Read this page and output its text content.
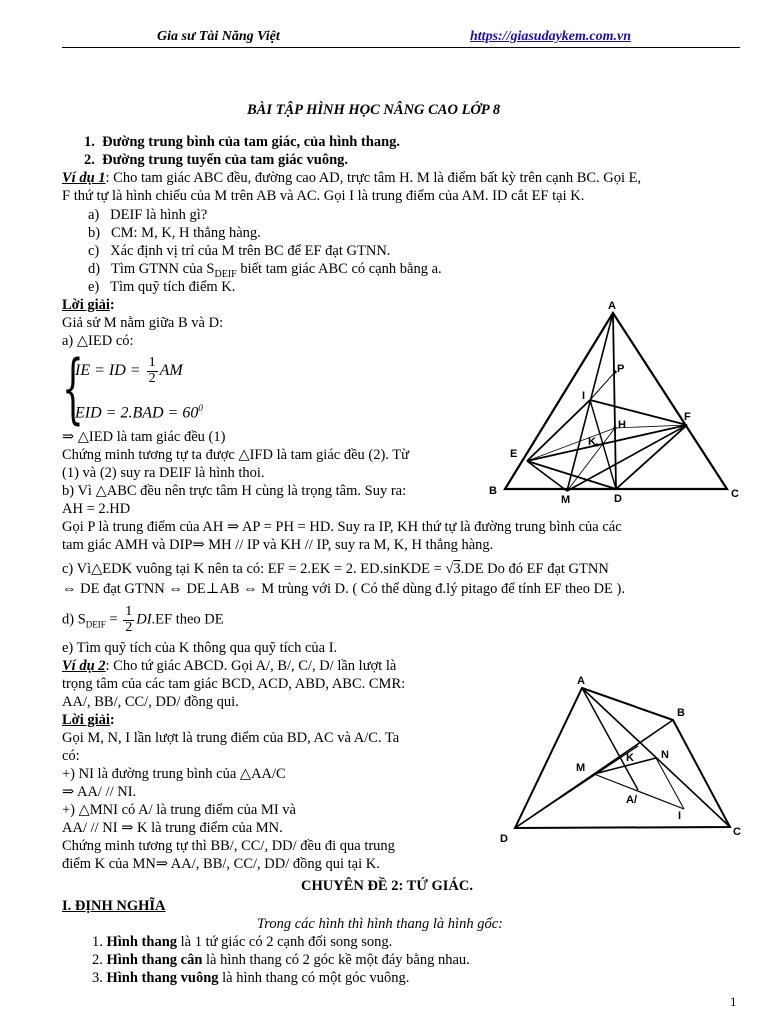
Gia sư Tài Năng Việt	https://giasudaykem.com.vn
BÀI TẬP HÌNH HỌC NÂNG CAO LỚP 8
1. Đường trung bình của tam giác, của hình thang.
2. Đường trung tuyến của tam giác vuông.
Ví dụ 1: Cho tam giác ABC đều, đường cao AD, trực tâm H. M là điểm bất kỳ trên cạnh BC. Gọi E,
F thứ tự là hình chiếu của M trên AB và AC. Gọi I là trung điểm của AM. ID cắt EF tại K.
a) DEIF là hình gì?
b) CM: M, K, H thẳng hàng.
c) Xác định vị trí của M trên BC để EF đạt GTNN.
d) Tìm GTNN của $S_{DEIF}$ biết tam giác ABC có cạnh bằng a.
e) Tìm quỹ tích điểm K.
Lời giải:
Giả sử M nằm giữa B và D:
a) △IED có:
{
IE = ID = $\frac{1}{2}$ AM
EID = $2.BAD = 60^0$
⇒ △IED là tam giác đều (1)
Chứng minh tương tự ta được △IFD là tam giác đều (2). Từ
(1) và (2) suy ra DEIF là hình thoi.
b) Vì △ABC đều nên trực tâm H cùng là trọng tâm. Suy ra:
AH = 2.HD
Gọi P là trung điểm của AH ⇒ AP = PH = HD. Suy ra IP, KH thứ tự là đường trung bình của các
tam giác AMH và DIP⇒ MH // IP và KH // IP, suy ra M, K, H thẳng hàng.
c) Vì△EDK vuông tại K nên ta có: EF = 2.EK = 2. ED.sinKDE = √3.DE Do đó EF đạt GTNN
⇔ DE đạt GTNN ⇔ DE⊥AB ⇔ M trùng với D. ( Có thể dùng đ.lý pitago để tính EF theo DE ).
d) $S_{DEIF} = \frac{1}{2} DI.EF$ theo DE
e) Tìm quỹ tích của K thông qua quỹ tích của I.
Ví dụ 2: Cho tứ giác ABCD. Gọi A/, B/, C/, D/ lần lượt là
trọng tâm của các tam giác BCD, ACD, ABD, ABC. CMR:
AA/, BB/, CC/, DD/ đồng qui.
Lời giải:
Gọi M, N, I lần lượt là trung điểm của BD, AC và A/C. Ta
có:
+) NI là đường trung bình của △AA/C
⇒ AA/ // NI.
+) △MNI có A/ là trung điểm của MI và
AA/ // NI ⇒ K là trung điểm của MN.
Chứng minh tương tự thì BB/, CC/, DD/ đều đi qua trung
điểm K của MN⇒ AA/, BB/, CC/, DD/ đồng qui tại K.
CHUYÊN ĐỀ 2: TỨ GIÁC.
I. ĐỊNH NGHĨA
Trong các hình thì hình thang là hình gốc:
1. Hình thang là 1 tứ giác có 2 cạnh đối song song.
2. Hình thang cân là hình thang có 2 góc kề một đáy bằng nhau.
3. Hình thang vuông là hình thang có một góc vuông.
1
A
B	C
D
E
F
H
I
K
M
P
A
B
C
D
K
M
N
A/
I
